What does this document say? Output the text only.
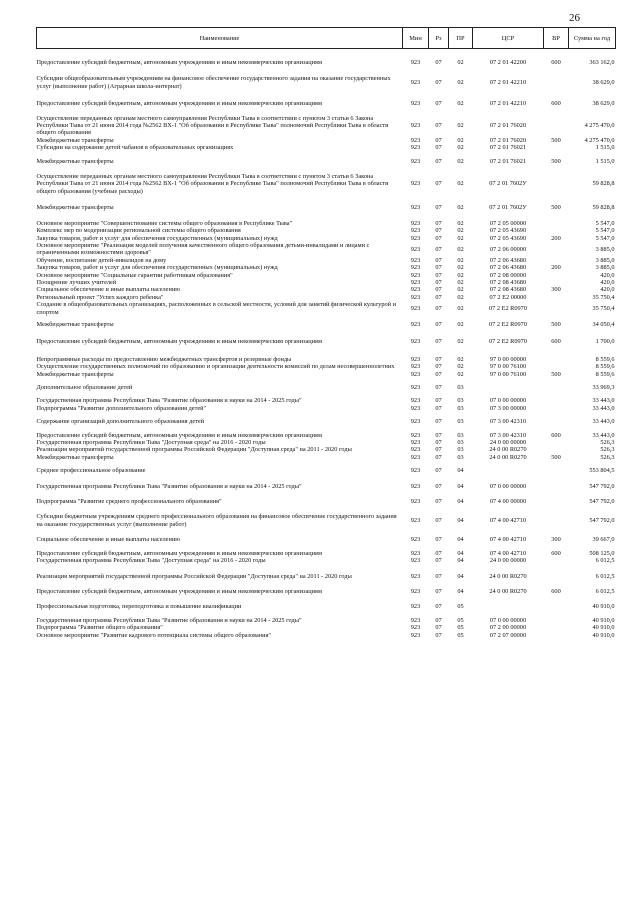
26
Наименование	Мин	Рз	ПР	ЦСР	ВР	Сумма на год
Предоставление субсидий бюджетным, автономным учреждениям и иным некоммерческим организациям	923	07	02	07 2 01 42200	600	363 162,0
Субсидии общеобразовательным учреждениям на финансовое обеспечение государственного задания на оказание государственных услуг (выполнение работ) (Аграрная школа-интернат)	923	07	02	07 2 01 42210		38 629,0
Предоставление субсидий бюджетным, автономным учреждениям и иным некоммерческим организациям	923	07	02	07 2 01 42210	600	38 629,0
Осуществление переданных органам местного самоуправления Республики Тыва в соответствии с пунктом 3 статьи 6 Закона Республики Тыва от 21 июня 2014 года №2562 ВХ-1 "Об образовании в Республике Тыва" полномочий Республики Тыва в области общего образования	923	07	02	07 2 01 76020		4 275 470,0
Межбюджетные трансферты	923	07	02	07 2 01 76020	500	4 275 470,0
Субсидии на содержание детей чабанов в образовательных организациях	923	07	02	07 2 01 76021		1 515,0
Межбюджетные трансферты	923	07	02	07 2 01 76021	500	1 515,0
Осуществление переданных органам местного самоуправления Республики Тыва в соответствии с пунктом 3 статьи 6 Закона Республики Тыва от 21 июня 2014 года №2562 ВХ-1 "Об образовании в Республике Тыва" полномочий Республики Тыва в области общего образования (учебные расходы)	923	07	02	07 2 01 7602У		59 828,8
Межбюджетные трансферты	923	07	02	07 2 01 7602У	500	59 828,8
Основное мероприятие "Совершенствование системы общего образования в Республике Тыва"	923	07	02	07 2 05 00000		5 547,0
Комплекс мер по модернизации региональной системы общего образования	923	07	02	07 2 05 43690		5 547,0
Закупка товаров, работ и услуг для обеспечения государственных (муниципальных) нужд	923	07	02	07 2 05 43690	200	5 547,0
Основное мероприятие "Реализация моделей получения качественного общего образования детьми-инвалидами и лицами с ограниченными возможностями здоровья"	923	07	02	07 2 06 00000		3 885,0
Обучение, воспитание детей-инвалидов на дому	923	07	02	07 2 06 43680		3 885,0
Закупка товаров, работ и услуг для обеспечения государственных (муниципальных) нужд	923	07	02	07 2 06 43680	200	3 885,0
Основное мероприятие "Социальные гарантии работникам образования"	923	07	02	07 2 08 00000		420,0
Поощрение лучших учителей	923	07	02	07 2 08 43680		420,0
Социальное обеспечение и иные выплаты населению	923	07	02	07 2 08 43680	300	420,0
Региональный проект "Успех каждого ребенка"	923	07	02	07 2 E2 00000		35 750,4
Создание в общеобразовательных организациях, расположенных в сельской местности, условий для занятий физической культурой и спортом	923	07	02	07 2 E2 R0970		35 750,4
Межбюджетные трансферты	923	07	02	07 2 E2 R0970	500	34 050,4
Предоставление субсидий бюджетным, автономным учреждениям и иным некоммерческим организациям	923	07	02	07 2 E2 R0970	600	1 700,0
Непрограммные расходы по предоставлению межбюджетных трансфертов и резервные фонды	923	07	02	97 0 00 00000		8 559,6
Осуществление государственных полномочий по образованию и организации деятельности комиссий по делам несовершеннолетних	923	07	02	97 0 00 76100		8 559,6
Межбюджетные трансферты	923	07	02	97 0 00 76100	500	8 559,6
Дополнительное образование детей	923	07	03			33 969,3
Государственная программа Республики Тыва "Развитие образования и науки на 2014 - 2025 годы"	923	07	03	07 0 00 00000		33 443,0
Подпрограмма "Развитие дополнительного образования детей"	923	07	03	07 3 00 00000		33 443,0
Содержание организаций дополнительного образования детей	923	07	03	07 3 00 42310		33 443,0
Предоставление субсидий бюджетным, автономным учреждениям и иным некоммерческим организациям	923	07	03	07 3 00 42310	600	33 443,0
Государственная программа Республики Тыва "Доступная среда" на 2016 - 2020 годы	923	07	03	24 0 00 00000		526,3
Реализация мероприятий государственной программы Российской Федерации "Доступная среда" на 2011 - 2020 годы	923	07	03	24 0 00 R0270		526,3
Межбюджетные трансферты	923	07	03	24 0 00 R0270	500	526,3
Среднее профессиональное образование	923	07	04			553 804,5
Государственная программа Республики Тыва "Развитие образования и науки на 2014 - 2025 годы"	923	07	04	07 0 00 00000		547 792,0
Подпрограмма "Развитие среднего профессионального образования"	923	07	04	07 4 00 00000		547 792,0
Субсидии бюджетным учреждениям среднего профессионального образования на финансовое обеспечение государственного задания на оказание государственных услуг (выполнение работ)	923	07	04	07 4 00 42710		547 792,0
Социальное обеспечение и иные выплаты населению	923	07	04	07 4 00 42710	300	39 667,0
Предоставление субсидий бюджетным, автономным учреждениям и иным некоммерческим организациям	923	07	04	07 4 00 42710	600	508 125,0
Государственная программа Республики Тыва "Доступная среда" на 2016 - 2020 годы	923	07	04	24 0 00 00000		6 012,5
Реализация мероприятий государственной программы Российской Федерации "Доступная среда" на 2011 - 2020 годы	923	07	04	24 0 00 R0270		6 012,5
Предоставление субсидий бюджетным, автономным учреждениям и иным некоммерческим организациям	923	07	04	24 0 00 R0270	600	6 012,5
Профессиональная подготовка, переподготовка и повышение квалификации	923	07	05			40 910,0
Государственная программа Республики Тыва "Развитие образования и науки на 2014 - 2025 годы"	923	07	05	07 0 00 00000		40 910,0
Подпрограмма "Развитие общего образования"	923	07	05	07 2 00 00000		40 910,0
Основное мероприятие "Развитие кадрового потенциала системы общего образования"	923	07	05	07 2 07 00000		40 910,0
